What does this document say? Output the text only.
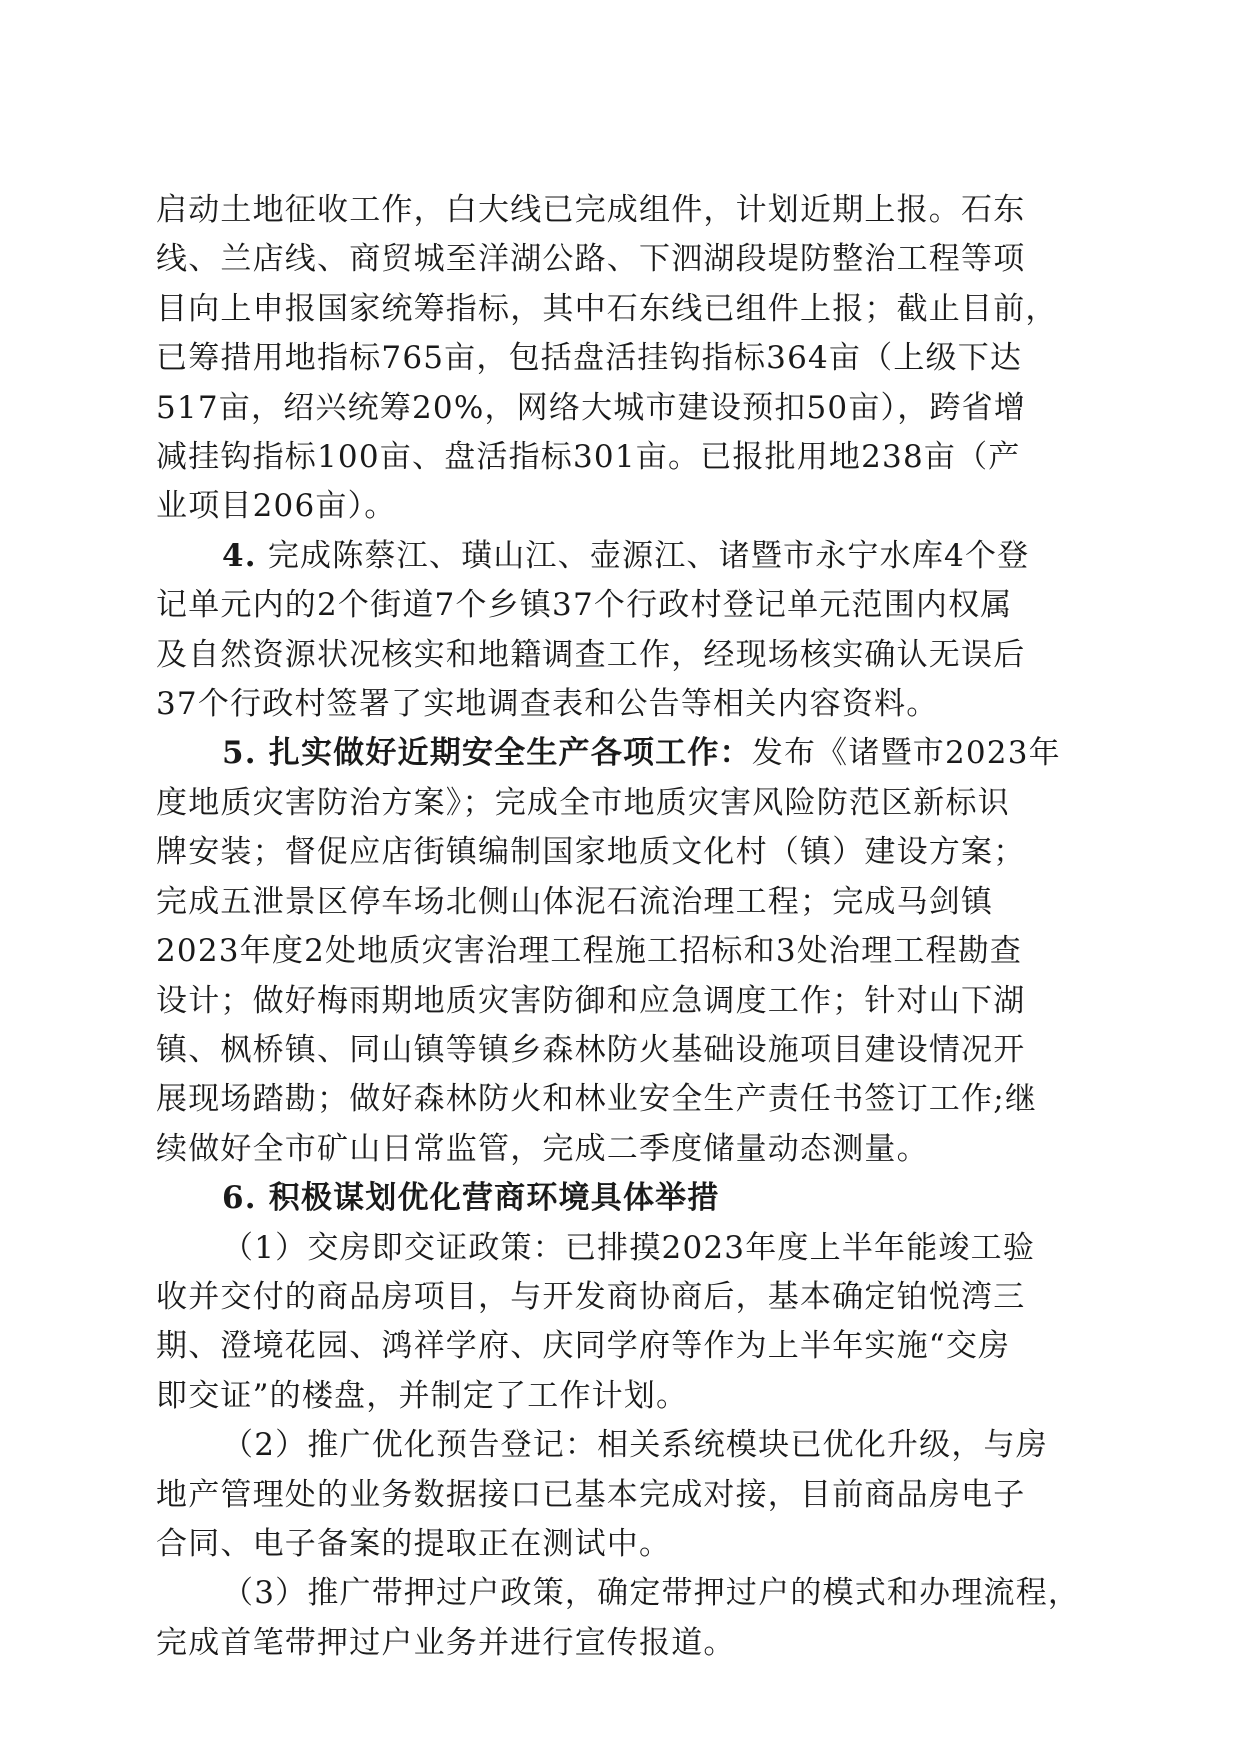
启动土地征收工作，白大线已完成组件，计划近期上报。石东
线、兰店线、商贸城至洋湖公路、下泗湖段堤防整治工程等项
目向上申报国家统筹指标，其中石东线已组件上报；截止目前，
已筹措用地指标765亩，包括盘活挂钩指标364亩（上级下达
517亩，绍兴统筹20%，网络大城市建设预扣50亩），跨省增
减挂钩指标100亩、盘活指标301亩。已报批用地238亩（产
业项目206亩）。
4. 完成陈蔡江、璜山江、壶源江、诸暨市永宁水库4个登
记单元内的2个街道7个乡镇37个行政村登记单元范围内权属
及自然资源状况核实和地籍调查工作，经现场核实确认无误后
37个行政村签署了实地调查表和公告等相关内容资料。
5. 扎实做好近期安全生产各项工作：发布《诸暨市2023年
度地质灾害防治方案》；完成全市地质灾害风险防范区新标识
牌安装；督促应店街镇编制国家地质文化村（镇）建设方案；
完成五泄景区停车场北侧山体泥石流治理工程；完成马剑镇
2023年度2处地质灾害治理工程施工招标和3处治理工程勘查
设计；做好梅雨期地质灾害防御和应急调度工作；针对山下湖
镇、枫桥镇、同山镇等镇乡森林防火基础设施项目建设情况开
展现场踏勘；做好森林防火和林业安全生产责任书签订工作;继
续做好全市矿山日常监管，完成二季度储量动态测量。
6. 积极谋划优化营商环境具体举措
（1）交房即交证政策：已排摸2023年度上半年能竣工验
收并交付的商品房项目，与开发商协商后，基本确定铂悦湾三
期、澄境花园、鸿祥学府、庆同学府等作为上半年实施“交房
即交证”的楼盘，并制定了工作计划。
（2）推广优化预告登记：相关系统模块已优化升级，与房
地产管理处的业务数据接口已基本完成对接，目前商品房电子
合同、电子备案的提取正在测试中。
（3）推广带押过户政策，确定带押过户的模式和办理流程，
完成首笔带押过户业务并进行宣传报道。
